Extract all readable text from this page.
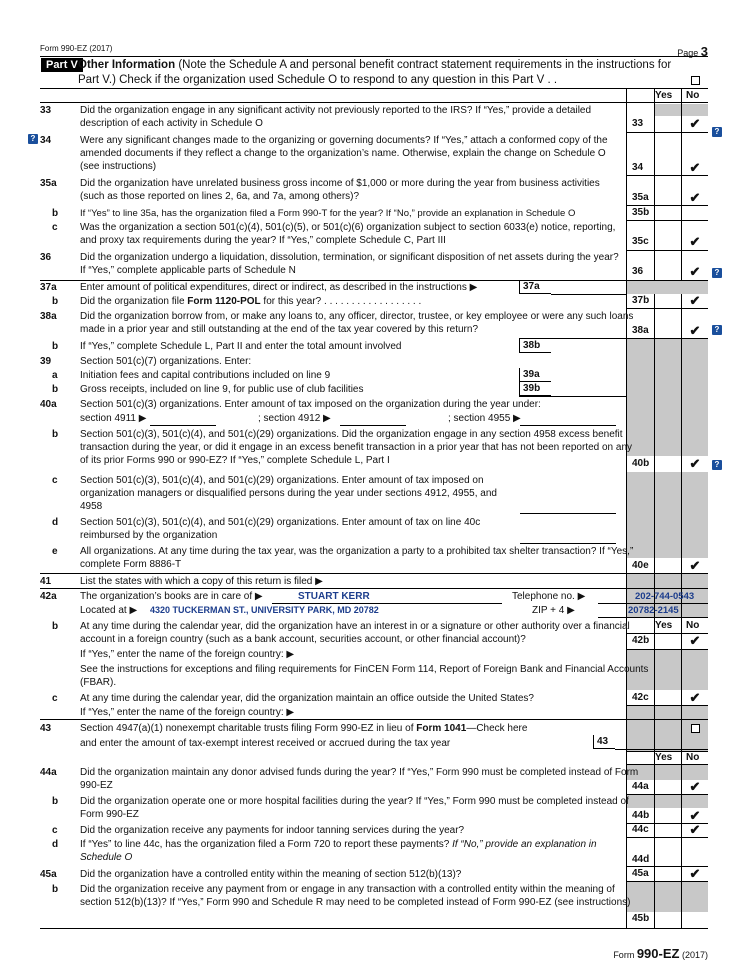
Form 990-EZ (2017)	Page 3
Part V Other Information (Note the Schedule A and personal benefit contract statement requirements in the instructions for Part V.) Check if the organization used Schedule O to respond to any question in this Part V . .
Yes No
33	Did the organization engage in any significant activity not previously reported to the IRS? If “Yes,” provide a detailed description of each activity in Schedule O	33	✔
?
?
34	Were any significant changes made to the organizing or governing documents? If “Yes,” attach a conformed copy of the amended documents if they reflect a change to the organization’s name. Otherwise, explain the change on Schedule O (see instructions)	34	✔
35a	Did the organization have unrelated business gross income of $1,000 or more during the year from business activities (such as those reported on lines 2, 6a, and 7a, among others)?	35a	✔
b If “Yes” to line 35a, has the organization filed a Form 990-T for the year? If “No,” provide an explanation in Schedule O	35b
c Was the organization a section 501(c)(4), 501(c)(5), or 501(c)(6) organization subject to section 6033(e) notice, reporting, and proxy tax requirements during the year? If “Yes,” complete Schedule C, Part III	35c	✔
36	Did the organization undergo a liquidation, dissolution, termination, or significant disposition of net assets during the year? If “Yes,” complete applicable parts of Schedule N	36	✔	?
37a	Enter amount of political expenditures, direct or indirect, as described in the instructions ▶	37a
b Did the organization file Form 1120-POL for this year? . . . . . . . . . . . . . . . . . .	37b	✔
38a	Did the organization borrow from, or make any loans to, any officer, director, trustee, or key employee or were any such loans made in a prior year and still outstanding at the end of the tax year covered by this return?	38a	✔	?
b If “Yes,” complete Schedule L, Part II and enter the total amount involved	38b
39	Section 501(c)(7) organizations. Enter:
a Initiation fees and capital contributions included on line 9	39a
b Gross receipts, included on line 9, for public use of club facilities	39b
40a	Section 501(c)(3) organizations. Enter amount of tax imposed on the organization during the year under:
section 4911 ▶	; section 4912 ▶	; section 4955 ▶
b Section 501(c)(3), 501(c)(4), and 501(c)(29) organizations. Did the organization engage in any section 4958 excess benefit transaction during the year, or did it engage in an excess benefit transaction in a prior year that has not been reported on any of its prior Forms 990 or 990-EZ? If “Yes,” complete Schedule L, Part I	40b	✔	?
c Section 501(c)(3), 501(c)(4), and 501(c)(29) organizations. Enter amount of tax imposed on organization managers or disqualified persons during the year under sections 4912, 4955, and 4958
d Section 501(c)(3), 501(c)(4), and 501(c)(29) organizations. Enter amount of tax on line 40c reimbursed by the organization
e All organizations. At any time during the tax year, was the organization a party to a prohibited tax shelter transaction? If “Yes,” complete Form 8886-T	40e	✔
41	List the states with which a copy of this return is filed ▶
42a	The organization’s books are in care of ▶	Telephone no. ▶
STUART KERR	202-744-0543
Located at ▶	ZIP + 4 ▶
4320 TUCKERMAN ST., UNIVERSITY PARK, MD 20782	20782-2145
Yes No
b At any time during the calendar year, did the organization have an interest in or a signature or other authority over a financial account in a foreign country (such as a bank account, securities account, or other financial account)?	42b	✔
If “Yes,” enter the name of the foreign country: ▶
See the instructions for exceptions and filing requirements for FinCEN Form 114, Report of Foreign Bank and Financial Accounts (FBAR).
c At any time during the calendar year, did the organization maintain an office outside the United States?	42c	✔
If “Yes,” enter the name of the foreign country: ▶
43	Section 4947(a)(1) nonexempt charitable trusts filing Form 990-EZ in lieu of Form 1041—Check here
and enter the amount of tax-exempt interest received or accrued during the tax year	43
Yes No
44a	Did the organization maintain any donor advised funds during the year? If “Yes,” Form 990 must be completed instead of Form 990-EZ	44a	✔
b Did the organization operate one or more hospital facilities during the year? If “Yes,” Form 990 must be completed instead of Form 990-EZ	44b	✔
c Did the organization receive any payments for indoor tanning services during the year?	44c	✔
d If “Yes” to line 44c, has the organization filed a Form 720 to report these payments? If “No,” provide an explanation in Schedule O	44d
45a	Did the organization have a controlled entity within the meaning of section 512(b)(13)?	45a	✔
b Did the organization receive any payment from or engage in any transaction with a controlled entity within the meaning of section 512(b)(13)? If “Yes,” Form 990 and Schedule R may need to be completed instead of Form 990-EZ (see instructions)
45b
Form 990-EZ (2017)
